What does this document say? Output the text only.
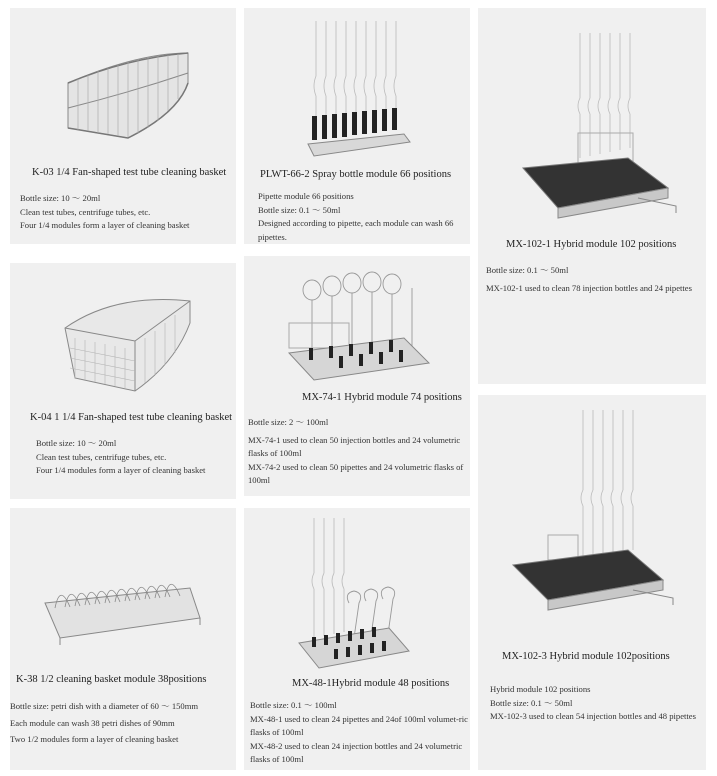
K-03 1/4 Fan-shaped test tube cleaning basket
Bottle size: 10 ～ 20ml
Clean test tubes, centrifuge tubes, etc.
Four 1/4 modules form a layer of cleaning basket
PLWT-66-2 Spray bottle module 66 positions
Pipette module 66 positions
Bottle size: 0.1 ～ 50ml
Designed according to pipette, each module can wash 66 pipettes.
MX-102-1 Hybrid module 102 positions
Bottle size: 0.1 ～ 50ml
MX-102-1 used to clean 78 injection bottles and 24 pipettes
K-04 1 1/4 Fan-shaped test tube cleaning basket
Bottle size: 10 ～ 20ml
Clean test tubes, centrifuge tubes, etc.
Four 1/4 modules form a layer of cleaning basket
MX-74-1 Hybrid module 74 positions
Bottle size: 2 ～ 100ml
MX-74-1 used to clean 50 injection bottles and 24 volumetric flasks of 100ml
MX-74-2 used to clean 50 pipettes and 24 volumetric flasks of 100ml
K-38 1/2 cleaning basket module 38positions
Bottle size: petri dish with a diameter of 60 ～ 150mm
Each module can wash 38 petri dishes of 90mm
Two 1/2 modules form a layer of cleaning basket
MX-48-1Hybrid module 48 positions
Bottle size: 0.1 ～ 100ml
MX-48-1 used to clean 24 pipettes and 24of 100ml volumet-ric flasks of 100ml
MX-48-2 used to clean 24 injection bottles and 24 volumetric flasks of 100ml
MX-102-3 Hybrid module 102positions
Hybrid module 102 positions
Bottle size: 0.1 ～ 50ml
MX-102-3 used to clean 54 injection bottles and 48 pipettes
